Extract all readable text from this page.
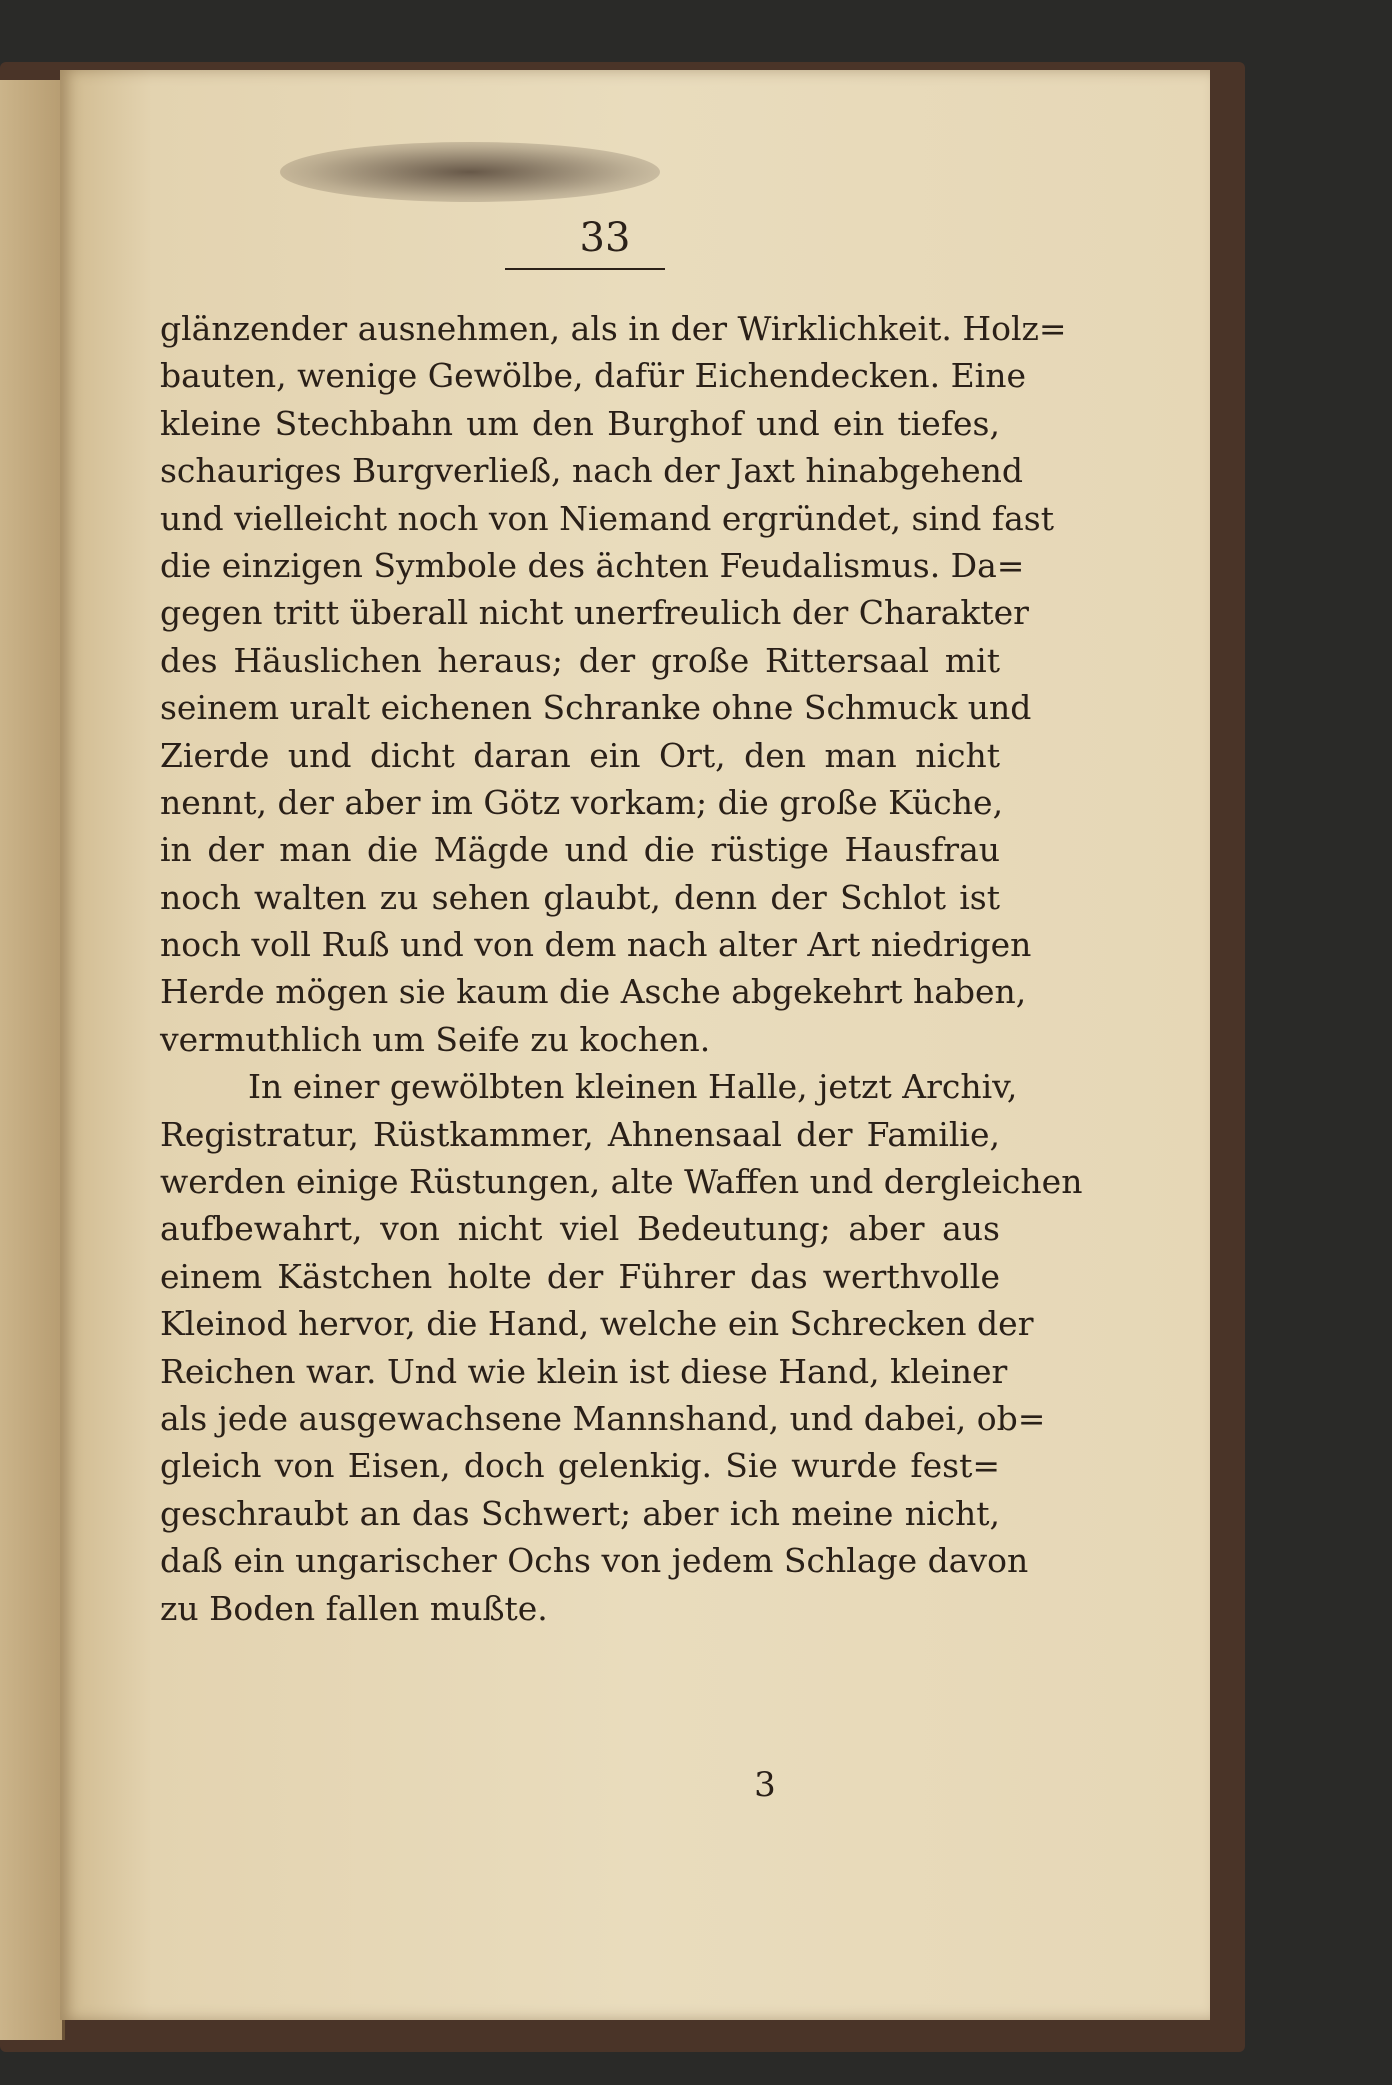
33
glänzender ausnehmen, als in der Wirklichkeit. Holz=
bauten, wenige Gewölbe, dafür Eichendecken. Eine
kleine Stechbahn um den Burghof und ein tiefes,
schauriges Burgverließ, nach der Jaxt hinabgehend
und vielleicht noch von Niemand ergründet, sind fast
die einzigen Symbole des ächten Feudalismus. Da=
gegen tritt überall nicht unerfreulich der Charakter
des Häuslichen heraus; der große Rittersaal mit
seinem uralt eichenen Schranke ohne Schmuck und
Zierde und dicht daran ein Ort, den man nicht
nennt, der aber im Götz vorkam; die große Küche,
in der man die Mägde und die rüstige Hausfrau
noch walten zu sehen glaubt, denn der Schlot ist
noch voll Ruß und von dem nach alter Art niedrigen
Herde mögen sie kaum die Asche abgekehrt haben,
vermuthlich um Seife zu kochen.
In einer gewölbten kleinen Halle, jetzt Archiv,
Registratur, Rüstkammer, Ahnensaal der Familie,
werden einige Rüstungen, alte Waffen und dergleichen
aufbewahrt, von nicht viel Bedeutung; aber aus
einem Kästchen holte der Führer das werthvolle
Kleinod hervor, die Hand, welche ein Schrecken der
Reichen war. Und wie klein ist diese Hand, kleiner
als jede ausgewachsene Mannshand, und dabei, ob=
gleich von Eisen, doch gelenkig. Sie wurde fest=
geschraubt an das Schwert; aber ich meine nicht,
daß ein ungarischer Ochs von jedem Schlage davon
zu Boden fallen mußte.
3
